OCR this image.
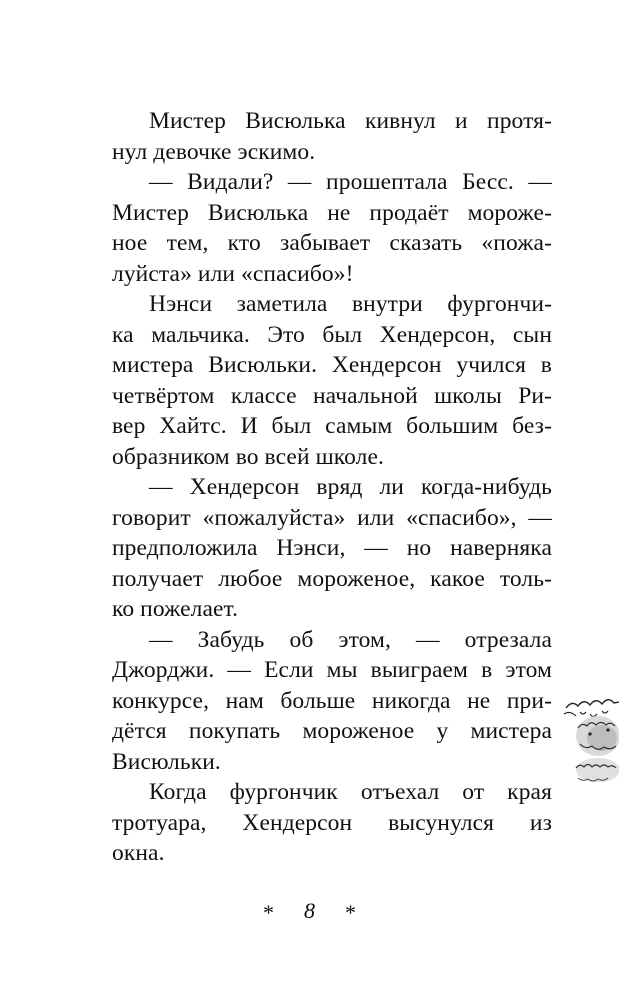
Мистер Висюлька кивнул и протя-
нул девочке эскимо.
— Видали? — прошептала Бесс. —
Мистер Висюлька не продаёт мороже-
ное тем, кто забывает сказать «пожа-
луйста» или «спасибо»!
Нэнси заметила внутри фургончи-
ка мальчика. Это был Хендерсон, сын
мистера Висюльки. Хендерсон учился в
четвёртом классе начальной школы Ри-
вер Хайтс. И был самым большим без-
образником во всей школе.
— Хендерсон вряд ли когда-нибудь
говорит «пожалуйста» или «спасибо», —
предположила Нэнси, — но наверняка
получает любое мороженое, какое толь-
ко пожелает.
— Забудь об этом, — отрезала
Джорджи. — Если мы выиграем в этом
конкурсе, нам больше никогда не при-
дётся покупать мороженое у мистера
Висюльки.
Когда фургончик отъехал от края
тротуара, Хендерсон высунулся из
окна.
* 8 *
